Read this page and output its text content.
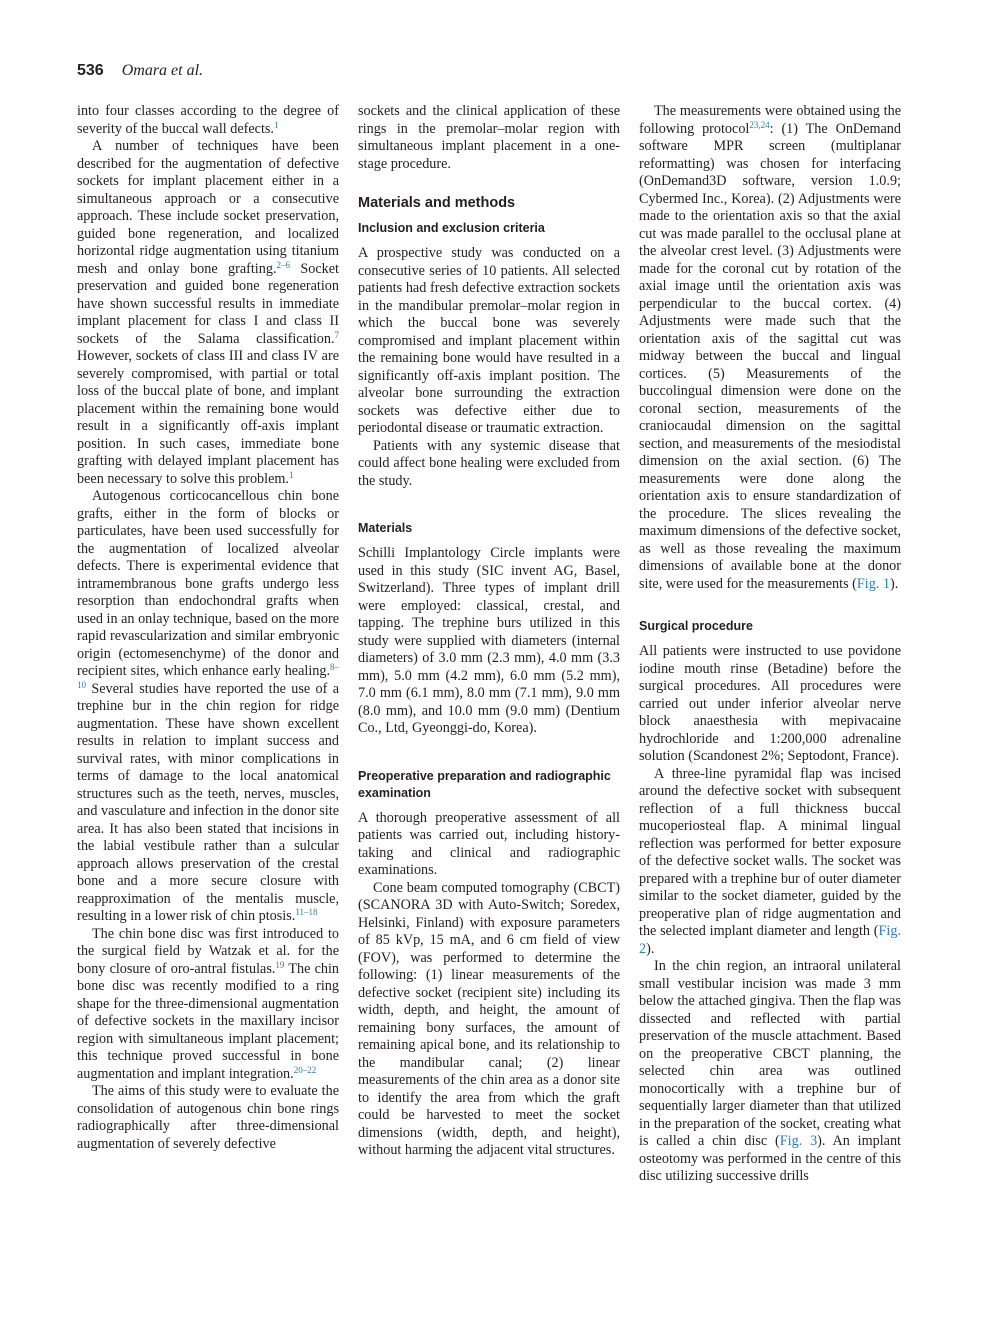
536 Omara et al.

into four classes according to the degree of severity of the buccal wall defects.$^1$

A number of techniques have been described for the augmentation of defective sockets for implant placement either in a simultaneous approach or a consecutive approach. These include socket preservation, guided bone regeneration, and localized horizontal ridge augmentation using titanium mesh and onlay bone grafting.$^{2-6}$ Socket preservation and guided bone regeneration have shown successful results in immediate implant placement for class I and class II sockets of the Salama classification.$^7$ However, sockets of class III and class IV are severely compromised, with partial or total loss of the buccal plate of bone, and implant placement within the remaining bone would result in a significantly off-axis implant position. In such cases, immediate bone grafting with delayed implant placement has been necessary to solve this problem.$^1$

Autogenous corticocancellous chin bone grafts, either in the form of blocks or particulates, have been used successfully for the augmentation of localized alveolar defects. There is experimental evidence that intramembranous bone grafts undergo less resorption than endochondral grafts when used in an onlay technique, based on the more rapid revascularization and similar embryonic origin (ectomesenchyme) of the donor and recipient sites, which enhance early healing.$^{8-10}$ Several studies have reported the use of a trephine bur in the chin region for ridge augmentation. These have shown excellent results in relation to implant success and survival rates, with minor complications in terms of damage to the local anatomical structures such as the teeth, nerves, muscles, and vasculature and infection in the donor site area. It has also been stated that incisions in the labial vestibule rather than a sulcular approach allows preservation of the crestal bone and a more secure closure with reapproximation of the mentalis muscle, resulting in a lower risk of chin ptosis.$^{11-18}$

The chin bone disc was first introduced to the surgical field by Watzak et al. for the bony closure of oro-antral fistulas.$^{19}$ The chin bone disc was recently modified to a ring shape for the three-dimensional augmentation of defective sockets in the maxillary incisor region with simultaneous implant placement; this technique proved successful in bone augmentation and implant integration.$^{20-22}$

The aims of this study were to evaluate the consolidation of autogenous chin bone rings radiographically after three-dimensional augmentation of severely defective

sockets and the clinical application of these rings in the premolar–molar region with simultaneous implant placement in a one-stage procedure.

Materials and methods
Inclusion and exclusion criteria

A prospective study was conducted on a consecutive series of 10 patients. All selected patients had fresh defective extraction sockets in the mandibular premolar–molar region in which the buccal bone was severely compromised and implant placement within the remaining bone would have resulted in a significantly off-axis implant position. The alveolar bone surrounding the extraction sockets was defective either due to periodontal disease or traumatic extraction.

Patients with any systemic disease that could affect bone healing were excluded from the study.

Materials

Schilli Implantology Circle implants were used in this study (SIC invent AG, Basel, Switzerland). Three types of implant drill were employed: classical, crestal, and tapping. The trephine burs utilized in this study were supplied with diameters (internal diameters) of 3.0 mm (2.3 mm), 4.0 mm (3.3 mm), 5.0 mm (4.2 mm), 6.0 mm (5.2 mm), 7.0 mm (6.1 mm), 8.0 mm (7.1 mm), 9.0 mm (8.0 mm), and 10.0 mm (9.0 mm) (Dentium Co., Ltd, Gyeonggi-do, Korea).

Preoperative preparation and radiographic examination

A thorough preoperative assessment of all patients was carried out, including history-taking and clinical and radiographic examinations.

Cone beam computed tomography (CBCT) (SCANORA 3D with Auto-Switch; Soredex, Helsinki, Finland) with exposure parameters of 85 kVp, 15 mA, and 6 cm field of view (FOV), was performed to determine the following: (1) linear measurements of the defective socket (recipient site) including its width, depth, and height, the amount of remaining bony surfaces, the amount of remaining apical bone, and its relationship to the mandibular canal; (2) linear measurements of the chin area as a donor site to identify the area from which the graft could be harvested to meet the socket dimensions (width, depth, and height), without harming the adjacent vital structures.

The measurements were obtained using the following protocol$^{23,24}$: (1) The OnDemand software MPR screen (multiplanar reformatting) was chosen for interfacing (OnDemand3D software, version 1.0.9; Cybermed Inc., Korea). (2) Adjustments were made to the orientation axis so that the axial cut was made parallel to the occlusal plane at the alveolar crest level. (3) Adjustments were made for the coronal cut by rotation of the axial image until the orientation axis was perpendicular to the buccal cortex. (4) Adjustments were made such that the orientation axis of the sagittal cut was midway between the buccal and lingual cortices. (5) Measurements of the buccolingual dimension were done on the coronal section, measurements of the craniocaudal dimension on the sagittal section, and measurements of the mesiodistal dimension on the axial section. (6) The measurements were done along the orientation axis to ensure standardization of the procedure. The slices revealing the maximum dimensions of the defective socket, as well as those revealing the maximum dimensions of available bone at the donor site, were used for the measurements (Fig. 1).

Surgical procedure

All patients were instructed to use povidone iodine mouth rinse (Betadine) before the surgical procedures. All procedures were carried out under inferior alveolar nerve block anaesthesia with mepivacaine hydrochloride and 1:200,000 adrenaline solution (Scandonest 2%; Septodont, France).

A three-line pyramidal flap was incised around the defective socket with subsequent reflection of a full thickness buccal mucoperiosteal flap. A minimal lingual reflection was performed for better exposure of the defective socket walls. The socket was prepared with a trephine bur of outer diameter similar to the socket diameter, guided by the preoperative plan of ridge augmentation and the selected implant diameter and length (Fig. 2).

In the chin region, an intraoral unilateral small vestibular incision was made 3 mm below the attached gingiva. Then the flap was dissected and reflected with partial preservation of the muscle attachment. Based on the preoperative CBCT planning, the selected chin area was outlined monocortically with a trephine bur of sequentially larger diameter than that utilized in the preparation of the socket, creating what is called a chin disc (Fig. 3). An implant osteotomy was performed in the centre of this disc utilizing successive drills
